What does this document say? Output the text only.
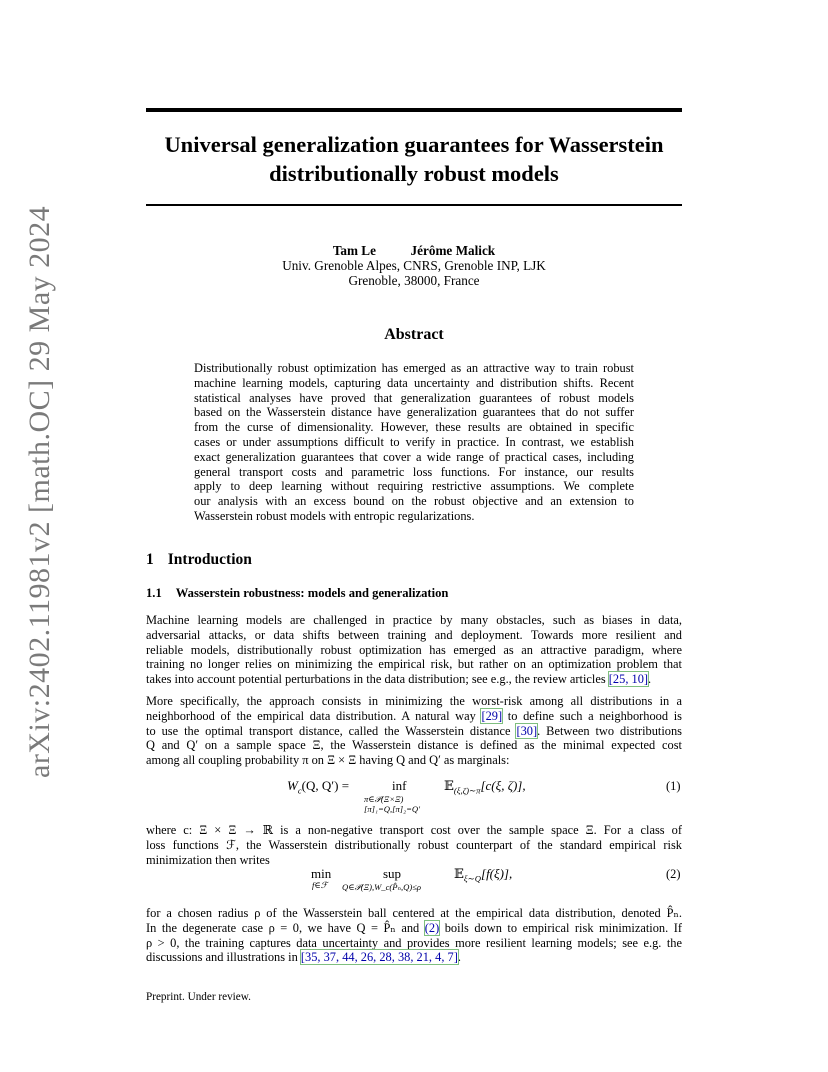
arXiv:2402.11981v2 [math.OC] 29 May 2024
Universal generalization guarantees for Wasserstein distributionally robust models
Tam Le	Jérôme Malick
Univ. Grenoble Alpes, CNRS, Grenoble INP, LJK
Grenoble, 38000, France
Abstract
Distributionally robust optimization has emerged as an attractive way to train robust
machine learning models, capturing data uncertainty and distribution shifts. Recent
statistical analyses have proved that generalization guarantees of robust models
based on the Wasserstein distance have generalization guarantees that do not suffer
from the curse of dimensionality. However, these results are obtained in specific
cases or under assumptions difficult to verify in practice. In contrast, we establish
exact generalization guarantees that cover a wide range of practical cases, including
general transport costs and parametric loss functions. For instance, our results
apply to deep learning without requiring restrictive assumptions. We complete
our analysis with an excess bound on the robust objective and an extension to
Wasserstein robust models with entropic regularizations.
1 Introduction
1.1 Wasserstein robustness: models and generalization
Machine learning models are challenged in practice by many obstacles, such as biases in data,
adversarial attacks, or data shifts between training and deployment. Towards more resilient and
reliable models, distributionally robust optimization has emerged as an attractive paradigm, where
training no longer relies on minimizing the empirical risk, but rather on an optimization problem that
takes into account potential perturbations in the data distribution; see e.g., the review articles [25, 10].
More specifically, the approach consists in minimizing the worst-risk among all distributions in a
neighborhood of the empirical data distribution. A natural way [29] to define such a neighborhood is
to use the optimal transport distance, called the Wasserstein distance [30]. Between two distributions
Q and Q′ on a sample space Ξ, the Wasserstein distance is defined as the minimal expected cost
among all coupling probability π on Ξ × Ξ having Q and Q′ as marginals:
$W_c(Q$, Q′) =	inf
π∈𝒫(Ξ×Ξ)
[π]₁=Q,[π]₂=Q′
𝔼$_{(\xi,\zeta)\sim\pi}$[c(ξ, ζ)],	(1)
where c: Ξ × Ξ → ℝ is a non-negative transport cost over the sample space Ξ. For a class of
loss functions ℱ, the Wasserstein distributionally robust counterpart of the standard empirical risk
minimization then writes
min
f∈ℱ
sup
Q∈𝒫(Ξ),W_c(P̂ₙ,Q)≤ρ
𝔼$_{\xi\sim Q}$[f(ξ)],	(2)
for a chosen radius ρ of the Wasserstein ball centered at the empirical data distribution, denoted P̂ₙ.
In the degenerate case ρ = 0, we have Q = P̂ₙ and (2) boils down to empirical risk minimization. If
ρ > 0, the training captures data uncertainty and provides more resilient learning models; see e.g. the
discussions and illustrations in [35, 37, 44, 26, 28, 38, 21, 4, 7].
Preprint. Under review.
